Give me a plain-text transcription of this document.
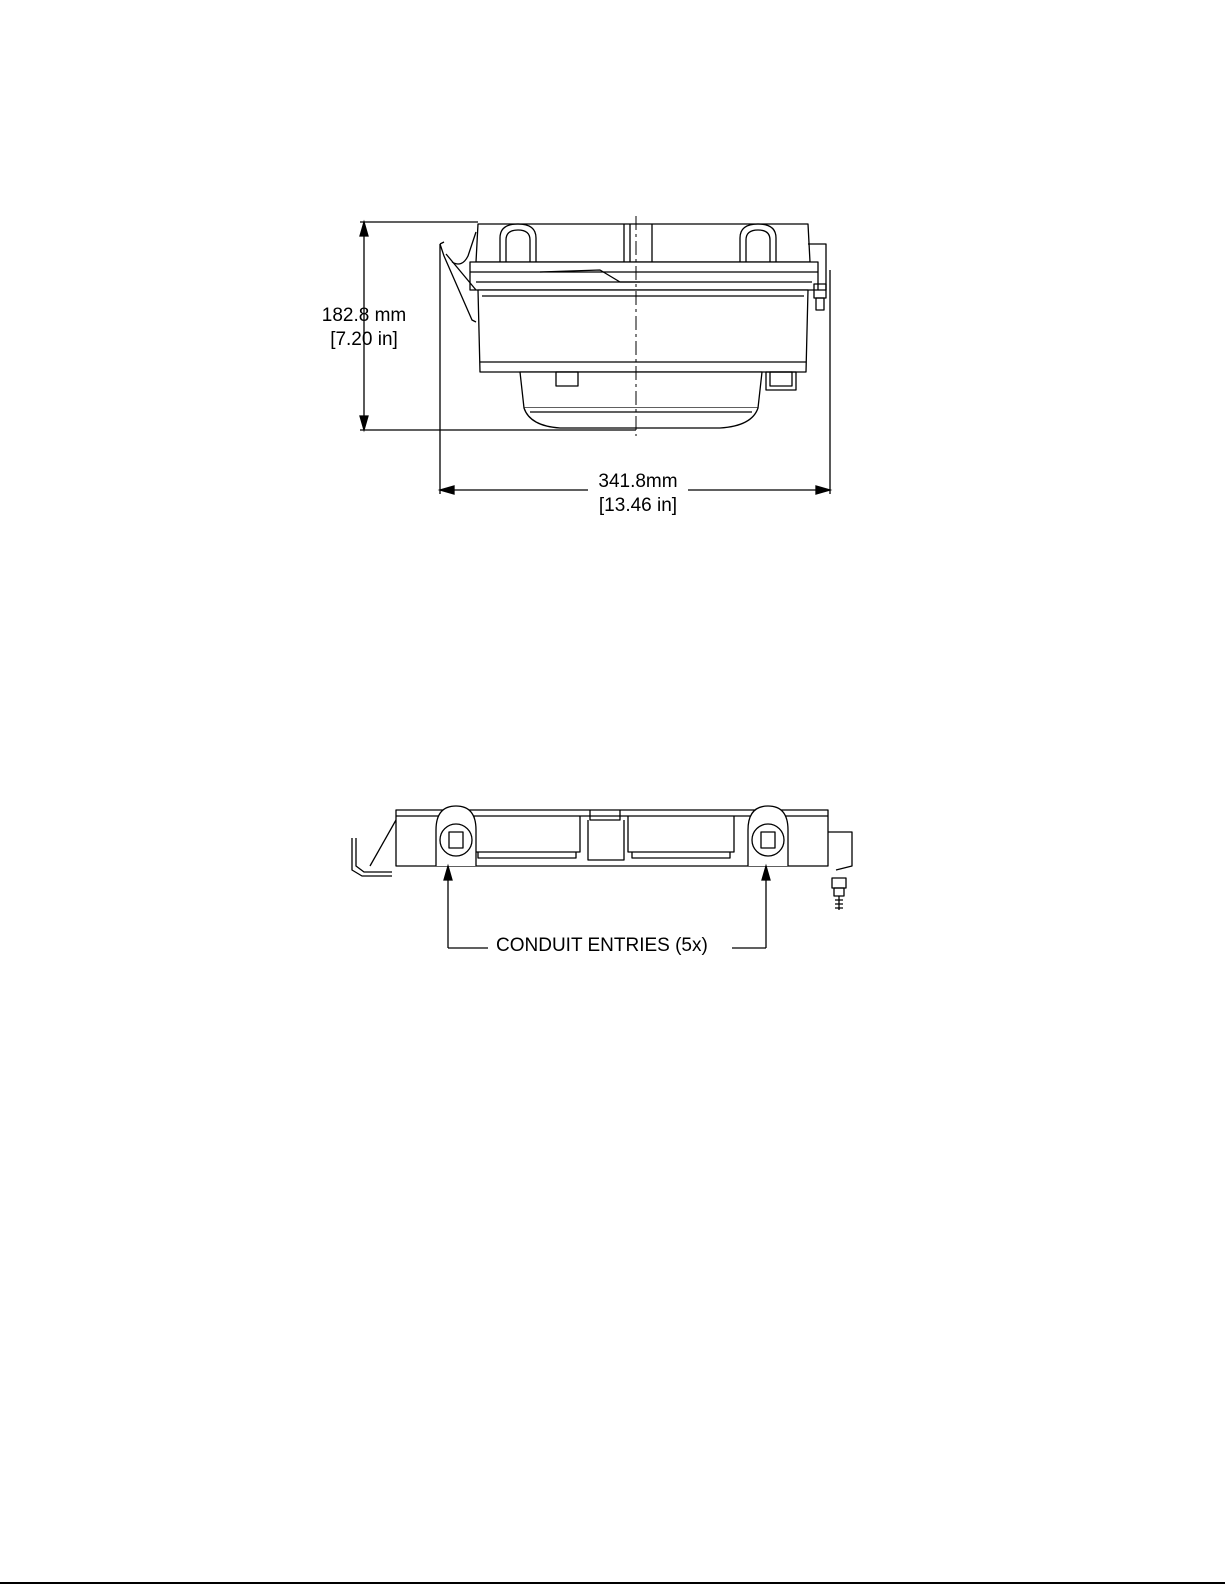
182.8 mm
[7.20 in]
341.8mm
[13.46 in]
CONDUIT ENTRIES (5x)
